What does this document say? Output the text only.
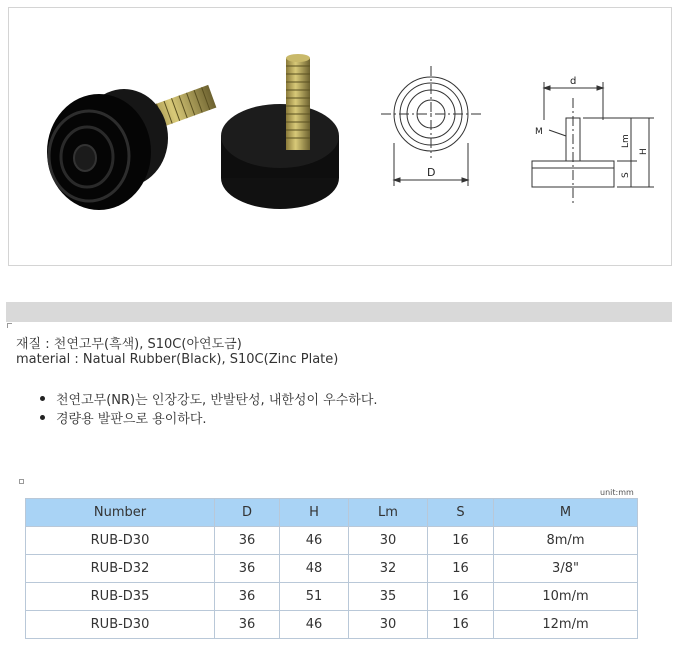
D
d
M
Lm
H
S
재질 : 천연고무(흑색), S10C(아연도금)
material : Natual Rubber(Black), S10C(Zinc Plate)
천연고무(NR)는 인장강도, 반발탄성, 내한성이 우수하다.
경량용 발판으로 용이하다.
unit:mm
Number	D	H	Lm	S	M
RUB-D30	36	46	30	16	8m/m
RUB-D32	36	48	32	16	3/8"
RUB-D35	36	51	35	16	10m/m
RUB-D30	36	46	30	16	12m/m
